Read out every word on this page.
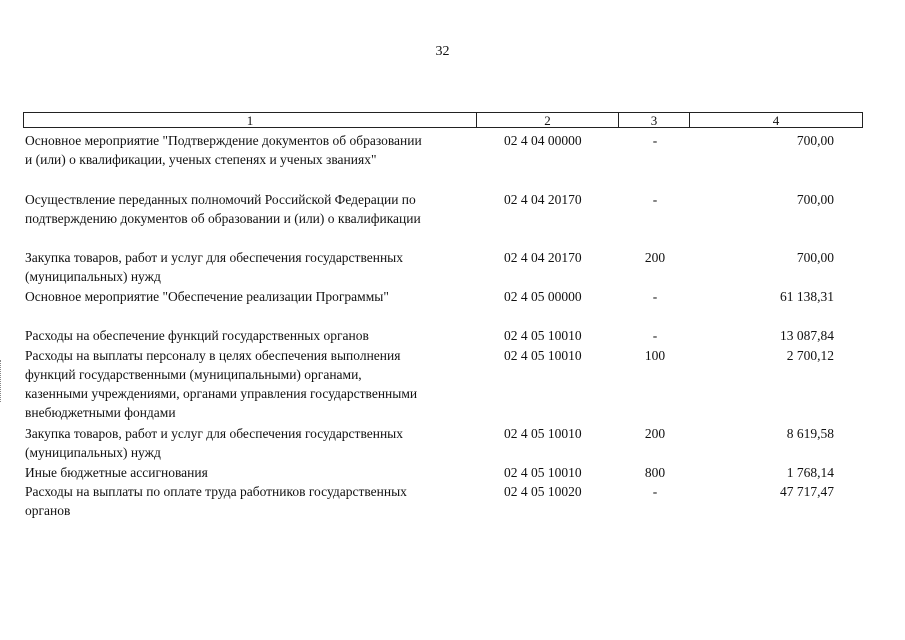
32
1	2	3	4
Основное мероприятие "Подтверждение документов об образовании
и (или) о квалификации, ученых степенях и ученых званиях"
02 4 04 00000	-	700,00
Осуществление переданных полномочий Российской Федерации по
подтверждению документов об образовании и (или) о квалификации
02 4 04 20170	-	700,00
Закупка товаров, работ и услуг для обеспечения государственных
(муниципальных) нужд
02 4 04 20170	200	700,00
Основное мероприятие "Обеспечение реализации Программы"	02 4 05 00000	-	61 138,31
Расходы на обеспечение функций государственных органов	02 4 05 10010	-	13 087,84
Расходы на выплаты персоналу в целях обеспечения выполнения
функций государственными (муниципальными) органами,
казенными учреждениями, органами управления государственными
внебюджетными фондами
02 4 05 10010	100	2 700,12
Закупка товаров, работ и услуг для обеспечения государственных
(муниципальных) нужд
02 4 05 10010	200	8 619,58
Иные бюджетные ассигнования	02 4 05 10010	800	1 768,14
Расходы на выплаты по оплате труда работников государственных
органов
02 4 05 10020	-	47 717,47
